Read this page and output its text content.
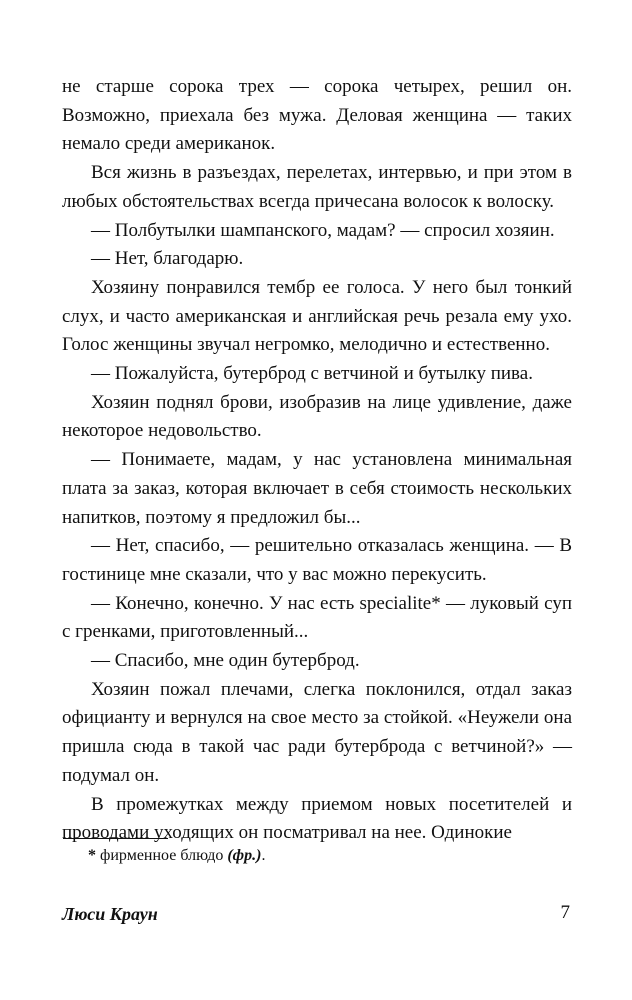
не старше сорока трех — сорока четырех, решил он. Возможно, приехала без мужа. Деловая женщина — таких немало среди американок.

Вся жизнь в разъездах, перелетах, интервью, и при этом в любых обстоятельствах всегда причесана волосок к волоску.

— Полбутылки шампанского, мадам? — спросил хозяин.

— Нет, благодарю.

Хозяину понравился тембр ее голоса. У него был тонкий слух, и часто американская и английская речь резала ему ухо. Голос женщины звучал негромко, мелодично и естественно.

— Пожалуйста, бутерброд с ветчиной и бутылку пива.

Хозяин поднял брови, изобразив на лице удивление, даже некоторое недовольство.

— Понимаете, мадам, у нас установлена минимальная плата за заказ, которая включает в себя стоимость нескольких напитков, поэтому я предложил бы...

— Нет, спасибо, — решительно отказалась женщина. — В гостинице мне сказали, что у вас можно перекусить.

— Конечно, конечно. У нас есть specialite* — луковый суп с гренками, приготовленный...

— Спасибо, мне один бутерброд.

Хозяин пожал плечами, слегка поклонился, отдал заказ официанту и вернулся на свое место за стойкой. «Неужели она пришла сюда в такой час ради бутерброда с ветчиной?» — подумал он.

В промежутках между приемом новых посетителей и проводами уходящих он посматривал на нее. Одинокие

* фирменное блюдо (фр.).
Люси Краун	7
